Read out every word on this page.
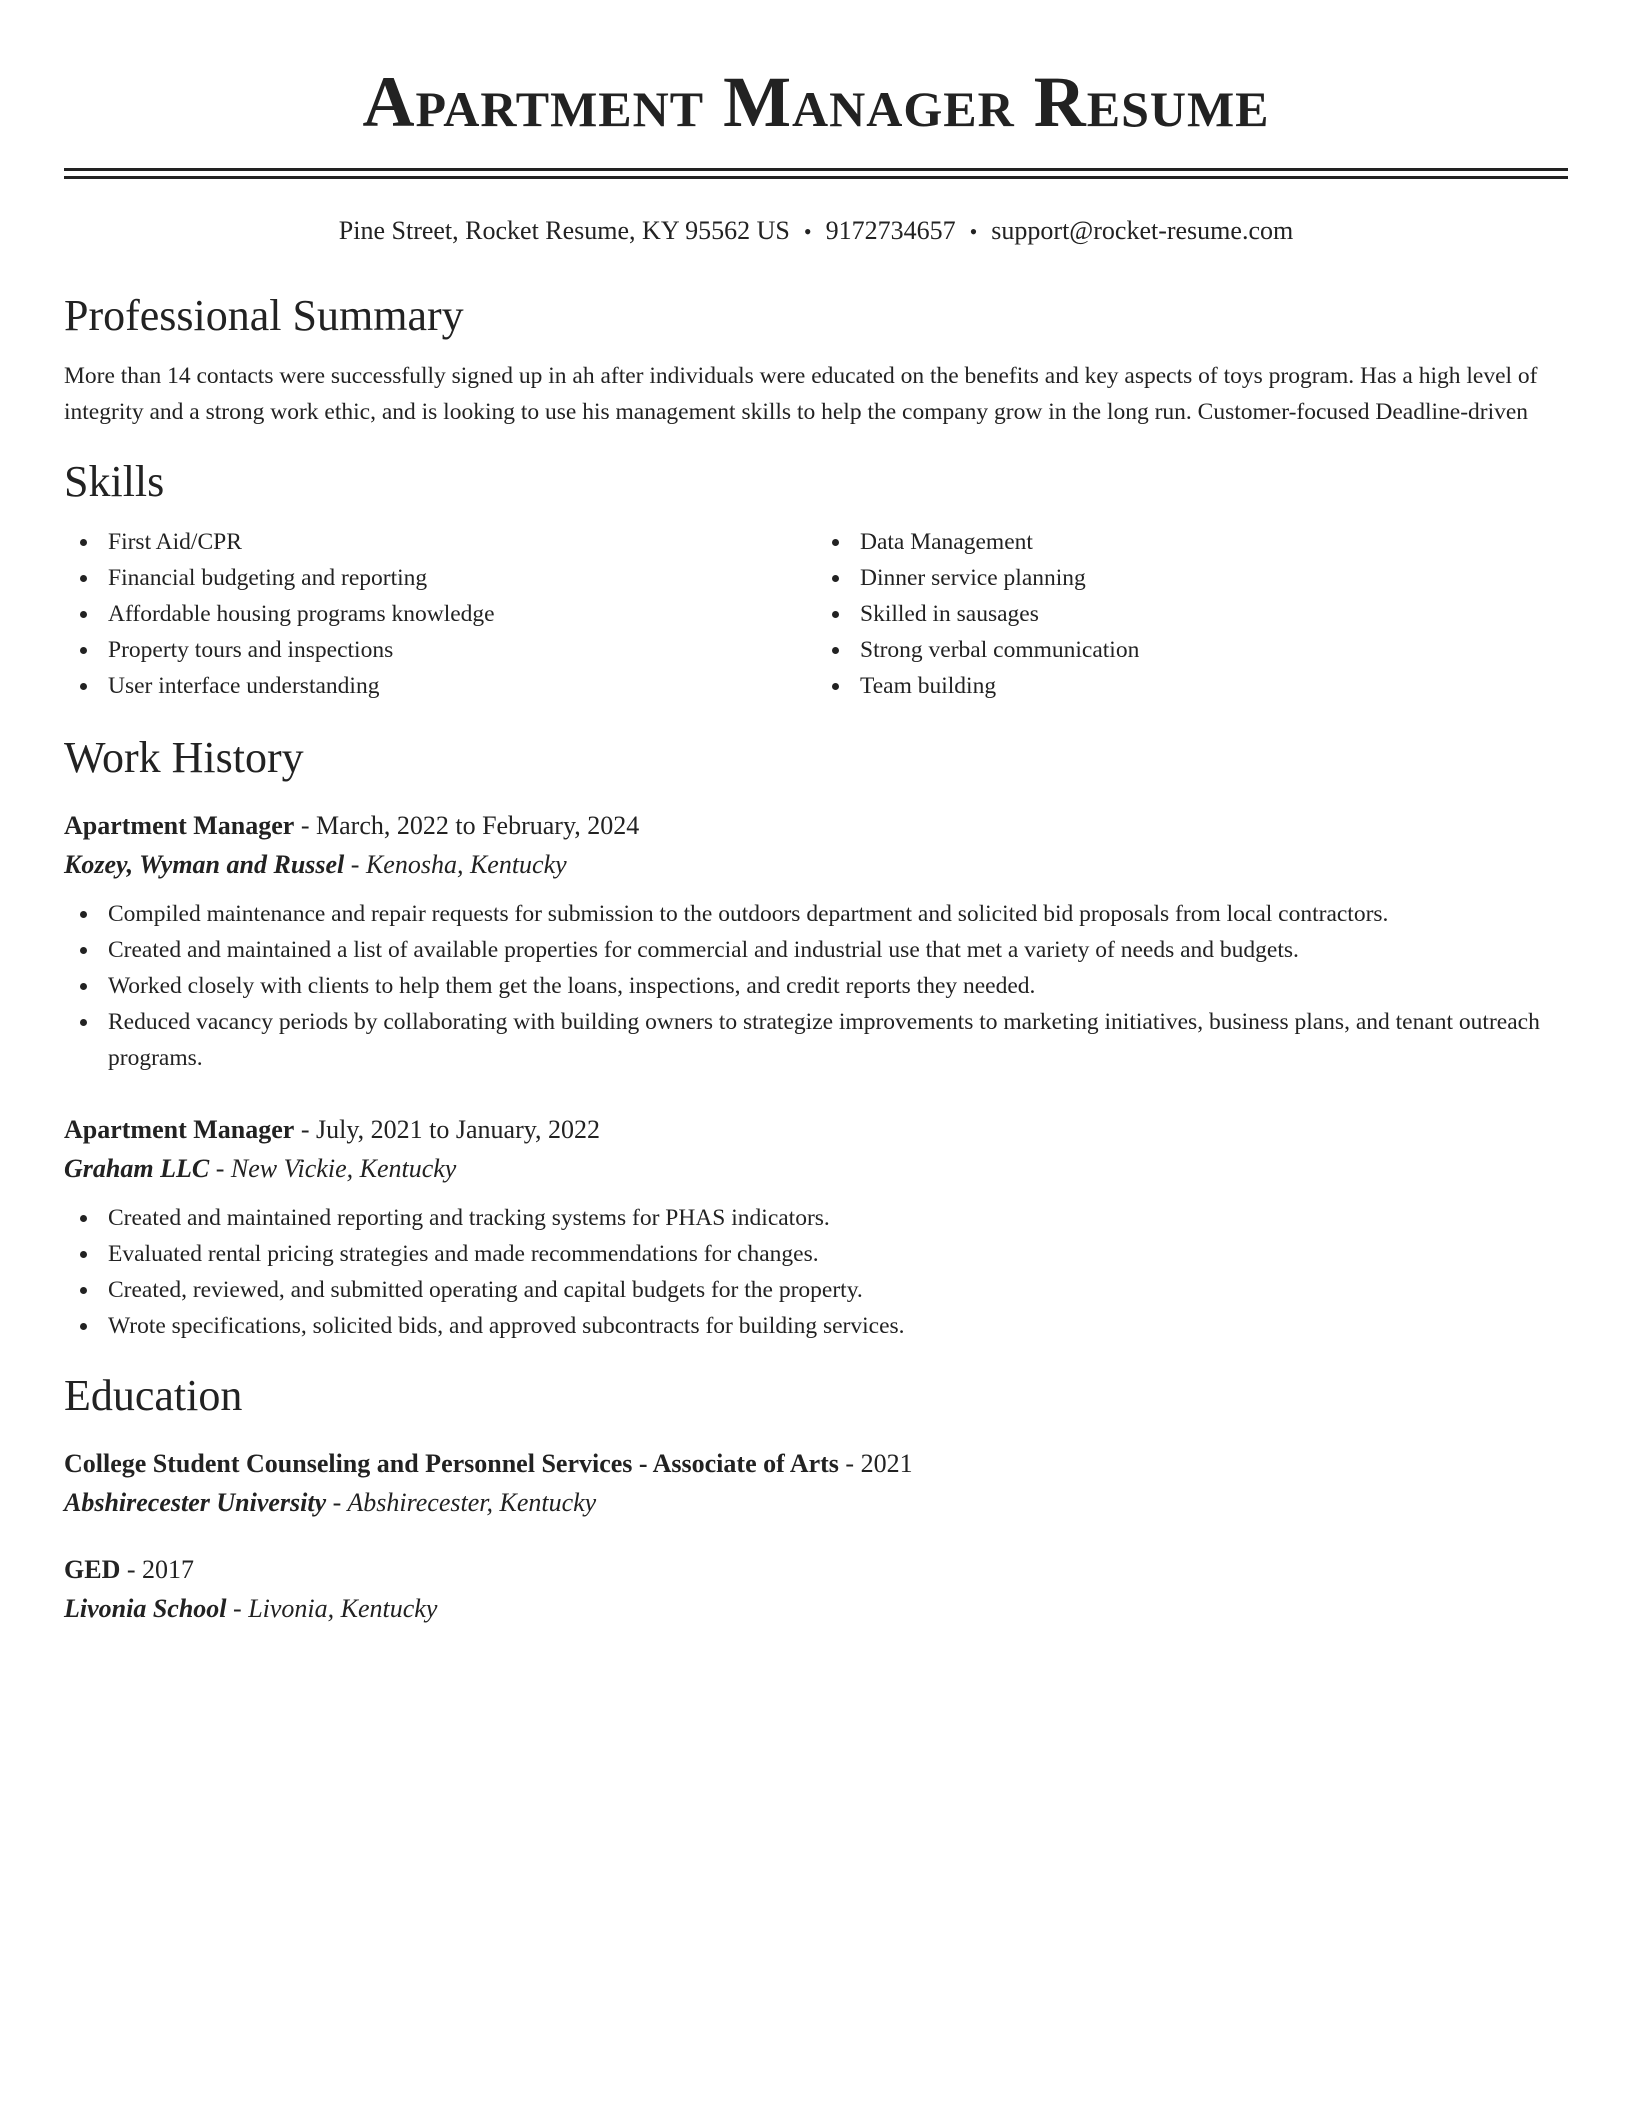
Apartment Manager Resume
Pine Street, Rocket Resume, KY 95562 US • 9172734657 • support@rocket-resume.com
Professional Summary
More than 14 contacts were successfully signed up in ah after individuals were educated on the benefits and key aspects of toys program. Has a high level of integrity and a strong work ethic, and is looking to use his management skills to help the company grow in the long run. Customer-focused Deadline-driven
Skills
First Aid/CPR
Financial budgeting and reporting
Affordable housing programs knowledge
Property tours and inspections
User interface understanding
Data Management
Dinner service planning
Skilled in sausages
Strong verbal communication
Team building
Work History
Apartment Manager - March, 2022 to February, 2024
Kozey, Wyman and Russel - Kenosha, Kentucky
Compiled maintenance and repair requests for submission to the outdoors department and solicited bid proposals from local contractors.
Created and maintained a list of available properties for commercial and industrial use that met a variety of needs and budgets.
Worked closely with clients to help them get the loans, inspections, and credit reports they needed.
Reduced vacancy periods by collaborating with building owners to strategize improvements to marketing initiatives, business plans, and tenant outreach programs.
Apartment Manager - July, 2021 to January, 2022
Graham LLC - New Vickie, Kentucky
Created and maintained reporting and tracking systems for PHAS indicators.
Evaluated rental pricing strategies and made recommendations for changes.
Created, reviewed, and submitted operating and capital budgets for the property.
Wrote specifications, solicited bids, and approved subcontracts for building services.
Education
College Student Counseling and Personnel Services - Associate of Arts - 2021
Abshirecester University - Abshirecester, Kentucky
GED - 2017
Livonia School - Livonia, Kentucky
